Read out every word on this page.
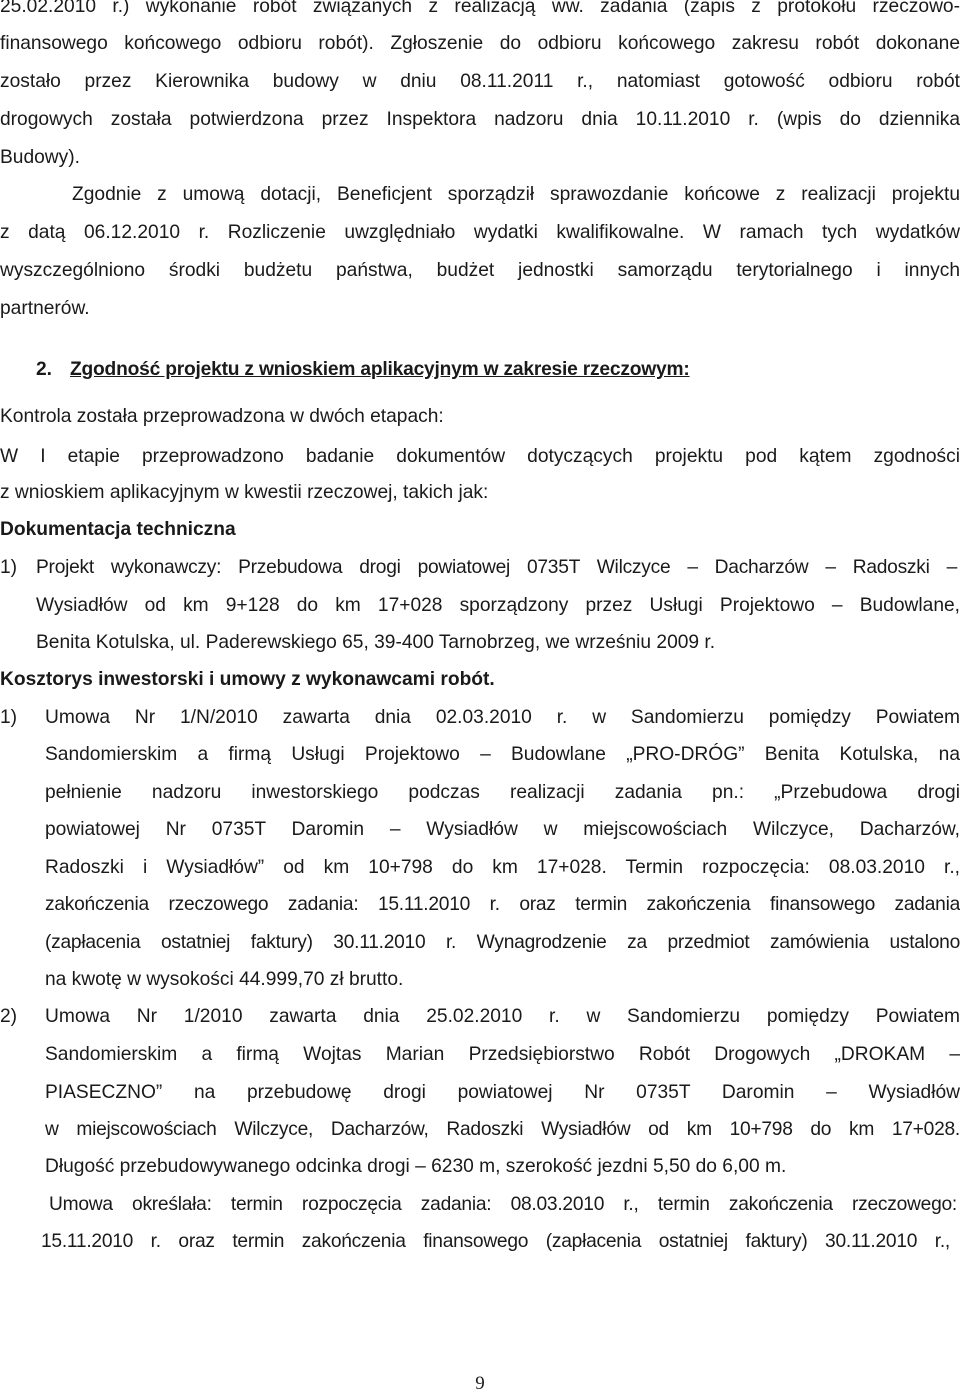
25.02.2010 r.) wykonanie robót związanych z realizacją ww. zadania (zapis z protokołu rzeczowo-
finansowego końcowego odbioru robót). Zgłoszenie do odbioru końcowego zakresu robót dokonane
zostało przez Kierownika budowy w dniu 08.11.2011 r., natomiast gotowość odbioru robót
drogowych została potwierdzona przez Inspektora nadzoru dnia 10.11.2010 r. (wpis do dziennika
Budowy).
Zgodnie z umową dotacji, Beneficjent sporządził sprawozdanie końcowe z realizacji projektu
z datą 06.12.2010 r. Rozliczenie uwzględniało wydatki kwalifikowalne. W ramach tych wydatków
wyszczególniono środki budżetu państwa, budżet jednostki samorządu terytorialnego i innych
partnerów.
2. Zgodność projektu z wnioskiem aplikacyjnym w zakresie rzeczowym:
Kontrola została przeprowadzona w dwóch etapach:
W I etapie przeprowadzono badanie dokumentów dotyczących projektu pod kątem zgodności
z wnioskiem aplikacyjnym w kwestii rzeczowej, takich jak:
Dokumentacja techniczna
1) Projekt wykonawczy: Przebudowa drogi powiatowej 0735T Wilczyce – Dacharzów – Radoszki –
Wysiadłów od km 9+128 do km 17+028 sporządzony przez Usługi Projektowo – Budowlane,
Benita Kotulska, ul. Paderewskiego 65, 39-400 Tarnobrzeg, we wrześniu 2009 r.
Kosztorys inwestorski i umowy z wykonawcami robót.
1) Umowa Nr 1/N/2010 zawarta dnia 02.03.2010 r. w Sandomierzu pomiędzy Powiatem
Sandomierskim a firmą Usługi Projektowo – Budowlane „PRO-DRÓG” Benita Kotulska, na
pełnienie nadzoru inwestorskiego podczas realizacji zadania pn.: „Przebudowa drogi
powiatowej Nr 0735T Daromin – Wysiadłów w miejscowościach Wilczyce, Dacharzów,
Radoszki i Wysiadłów” od km 10+798 do km 17+028. Termin rozpoczęcia: 08.03.2010 r.,
zakończenia rzeczowego zadania: 15.11.2010 r. oraz termin zakończenia finansowego zadania
(zapłacenia ostatniej faktury) 30.11.2010 r. Wynagrodzenie za przedmiot zamówienia ustalono
na kwotę w wysokości 44.999,70 zł brutto.
2) Umowa Nr 1/2010 zawarta dnia 25.02.2010 r. w Sandomierzu pomiędzy Powiatem
Sandomierskim a firmą Wojtas Marian Przedsiębiorstwo Robót Drogowych „DROKAM –
PIASECZNO” na przebudowę drogi powiatowej Nr 0735T Daromin – Wysiadłów
w miejscowościach Wilczyce, Dacharzów, Radoszki Wysiadłów od km 10+798 do km 17+028.
Długość przebudowywanego odcinka drogi – 6230 m, szerokość jezdni 5,50 do 6,00 m.
Umowa określała: termin rozpoczęcia zadania: 08.03.2010 r., termin zakończenia rzeczowego:
15.11.2010 r. oraz termin zakończenia finansowego (zapłacenia ostatniej faktury) 30.11.2010 r.,
9
